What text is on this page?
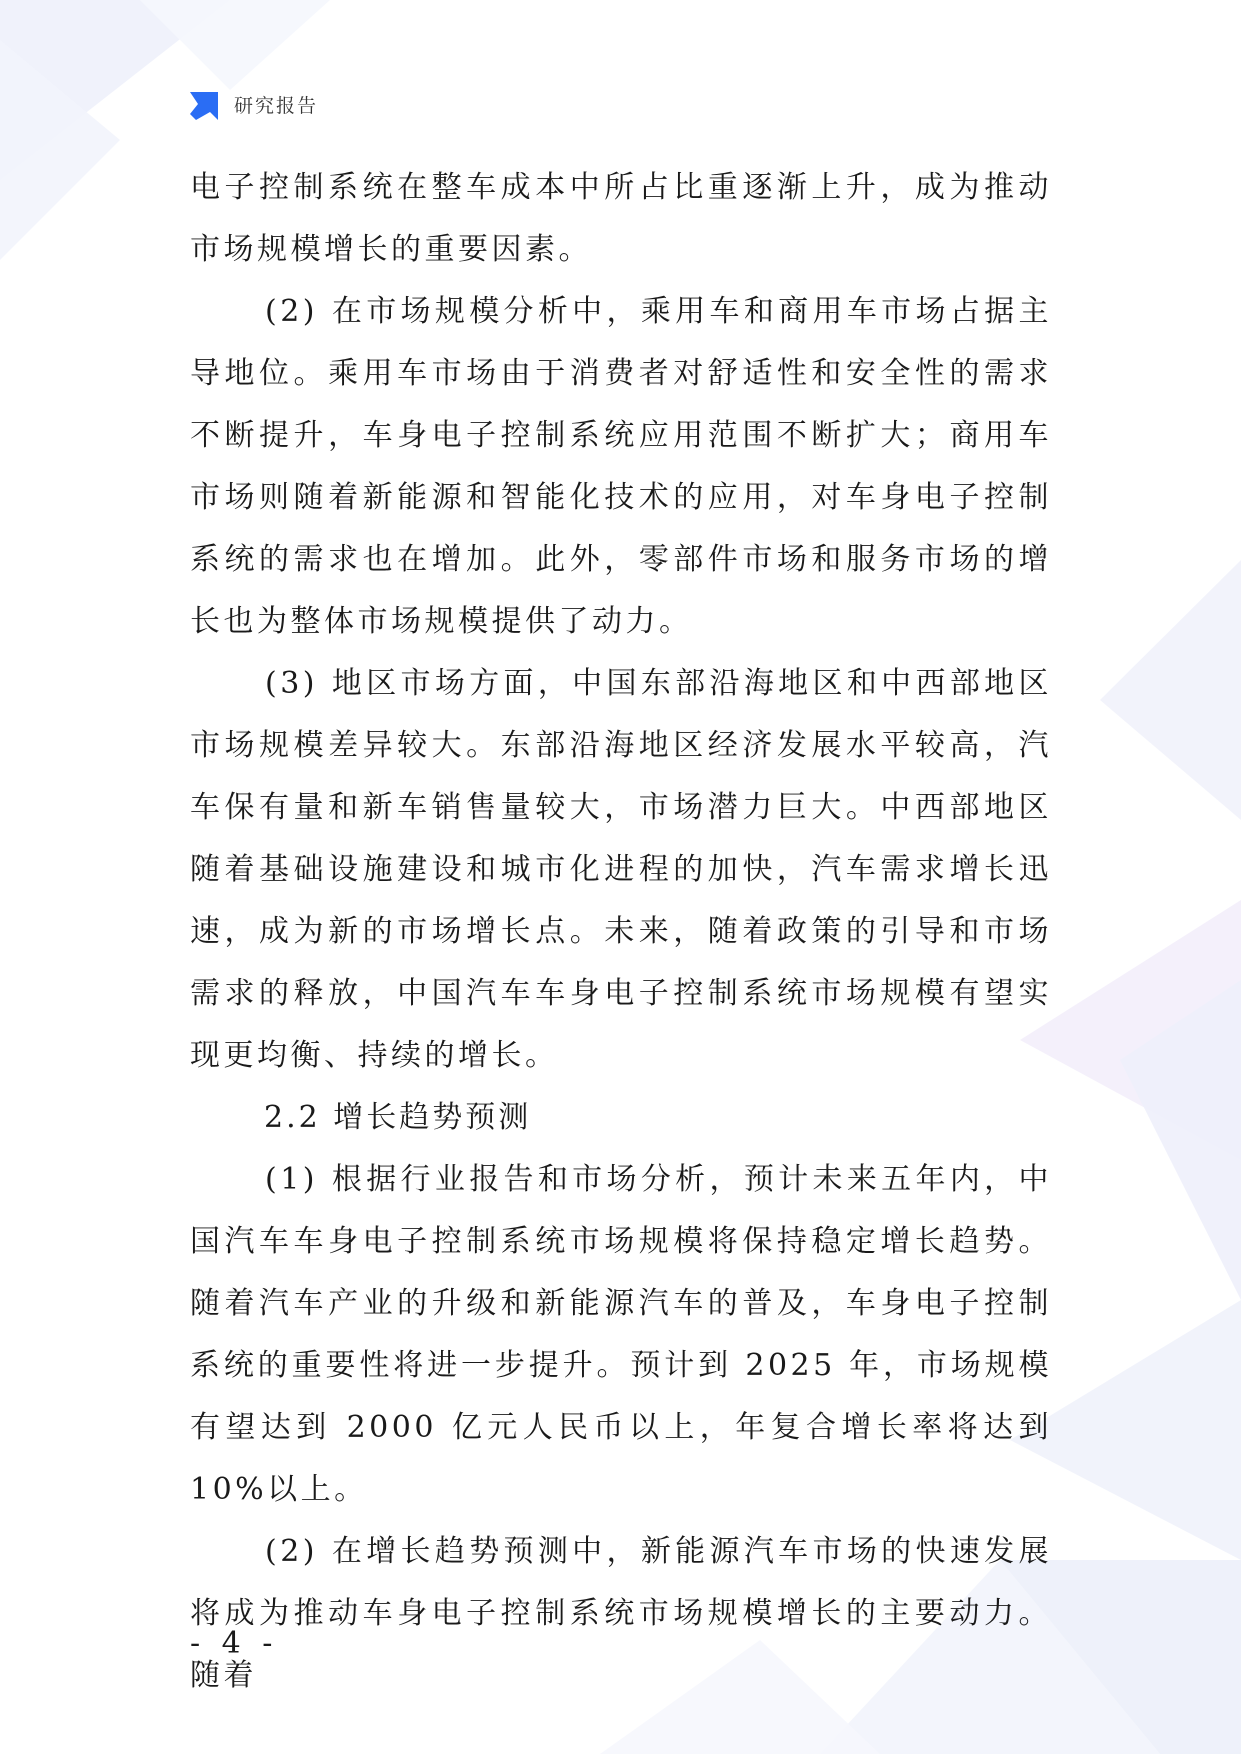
研究报告

电子控制系统在整车成本中所占比重逐渐上升，成为推动市场规模增长的重要因素。

(2) 在市场规模分析中，乘用车和商用车市场占据主导地位。乘用车市场由于消费者对舒适性和安全性的需求不断提升，车身电子控制系统应用范围不断扩大；商用车市场则随着新能源和智能化技术的应用，对车身电子控制系统的需求也在增加。此外，零部件市场和服务市场的增长也为整体市场规模提供了动力。

(3) 地区市场方面，中国东部沿海地区和中西部地区市场规模差异较大。东部沿海地区经济发展水平较高，汽车保有量和新车销售量较大，市场潜力巨大。中西部地区随着基础设施建设和城市化进程的加快，汽车需求增长迅速，成为新的市场增长点。未来，随着政策的引导和市场需求的释放，中国汽车车身电子控制系统市场规模有望实现更均衡、持续的增长。

2.2 增长趋势预测

(1) 根据行业报告和市场分析，预计未来五年内，中国汽车车身电子控制系统市场规模将保持稳定增长趋势。随着汽车产业的升级和新能源汽车的普及，车身电子控制系统的重要性将进一步提升。预计到 2025 年，市场规模有望达到 2000 亿元人民币以上，年复合增长率将达到 10%以上。

(2) 在增长趋势预测中，新能源汽车市场的快速发展将成为推动车身电子控制系统市场规模增长的主要动力。随着

- 4 -
